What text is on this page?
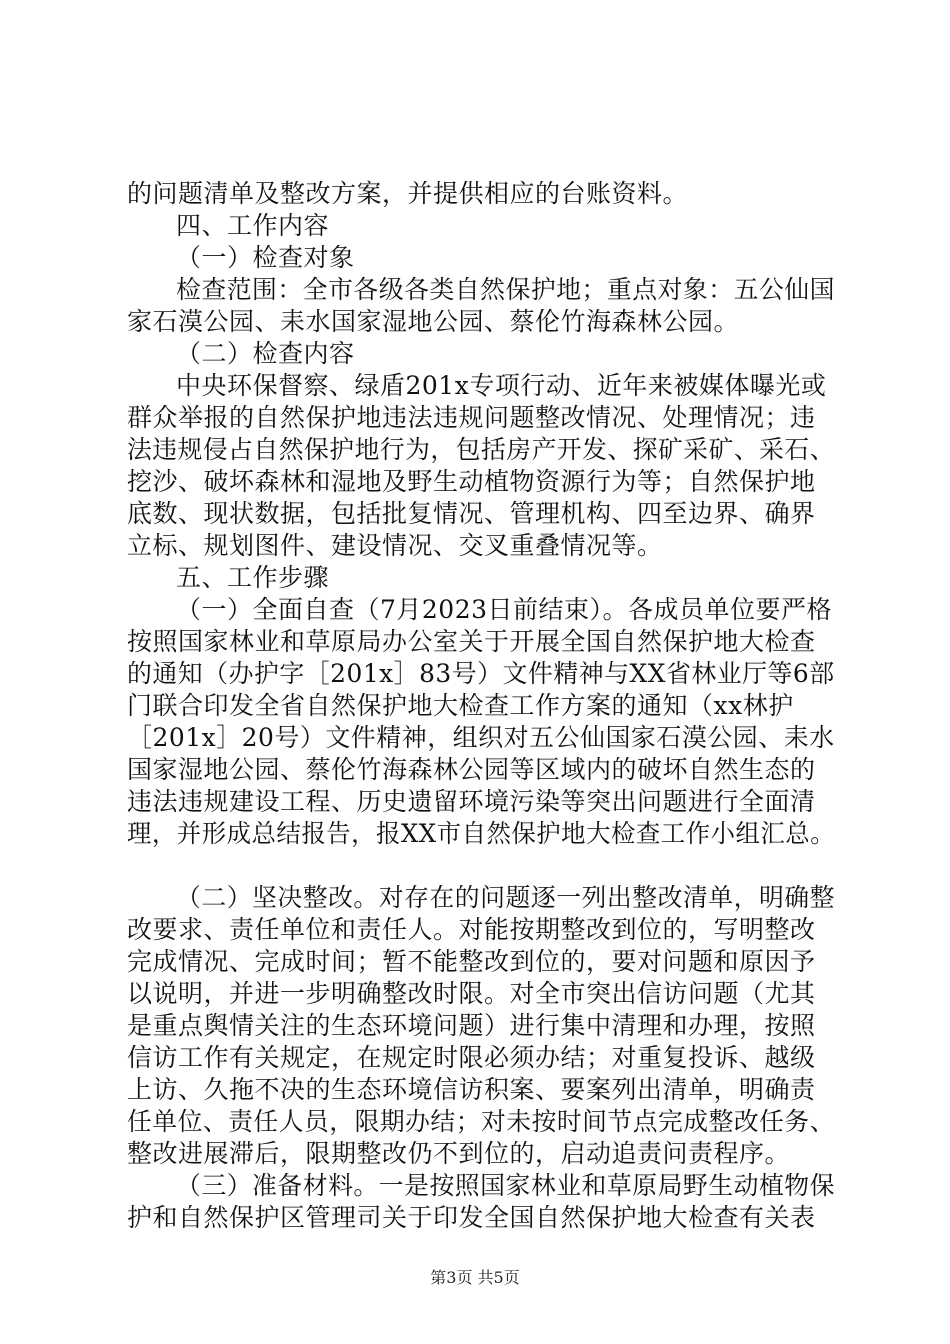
的问题清单及整改方案，并提供相应的台账资料。
四、工作内容
（一）检查对象
检查范围：全市各级各类自然保护地；重点对象：五公仙国
家石漠公园、耒水国家湿地公园、蔡伦竹海森林公园。
（二）检查内容
中央环保督察、绿盾201x专项行动、近年来被媒体曝光或
群众举报的自然保护地违法违规问题整改情况、处理情况；违
法违规侵占自然保护地行为，包括房产开发、探矿采矿、采石、
挖沙、破坏森林和湿地及野生动植物资源行为等；自然保护地
底数、现状数据，包括批复情况、管理机构、四至边界、确界
立标、规划图件、建设情况、交叉重叠情况等。
五、工作步骤
（一）全面自查（7月2023日前结束）。各成员单位要严格
按照国家林业和草原局办公室关于开展全国自然保护地大检查
的通知（办护字［201x］83号）文件精神与XX省林业厅等6部
门联合印发全省自然保护地大检查工作方案的通知（xx林护
［201x］20号）文件精神，组织对五公仙国家石漠公园、耒水
国家湿地公园、蔡伦竹海森林公园等区域内的破坏自然生态的
违法违规建设工程、历史遗留环境污染等突出问题进行全面清
理，并形成总结报告，报XX市自然保护地大检查工作小组汇总。
（二）坚决整改。对存在的问题逐一列出整改清单，明确整
改要求、责任单位和责任人。对能按期整改到位的，写明整改
完成情况、完成时间；暂不能整改到位的，要对问题和原因予
以说明，并进一步明确整改时限。对全市突出信访问题（尤其
是重点舆情关注的生态环境问题）进行集中清理和办理，按照
信访工作有关规定，在规定时限必须办结；对重复投诉、越级
上访、久拖不决的生态环境信访积案、要案列出清单，明确责
任单位、责任人员，限期办结；对未按时间节点完成整改任务、
整改进展滞后，限期整改仍不到位的，启动追责问责程序。
（三）准备材料。一是按照国家林业和草原局野生动植物保
护和自然保护区管理司关于印发全国自然保护地大检查有关表
第3页 共5页
